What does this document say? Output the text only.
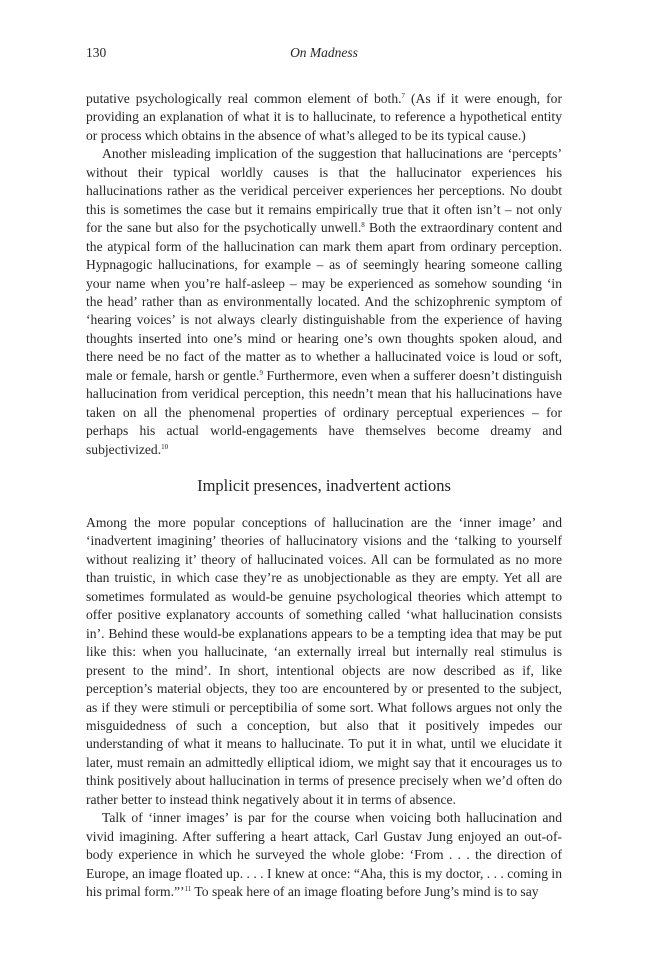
130	On Madness

putative psychologically real common element of both.$^7$ (As if it were enough, for providing an explanation of what it is to hallucinate, to reference a hypothetical entity or process which obtains in the absence of what’s alleged to be its typical cause.)

Another misleading implication of the suggestion that hallucinations are ‘percepts’ without their typical worldly causes is that the hallucinator experiences his hallucinations rather as the veridical perceiver experiences her perceptions. No doubt this is sometimes the case but it remains empirically true that it often isn’t – not only for the sane but also for the psychotically unwell.$^8$ Both the extraordinary content and the atypical form of the hallucination can mark them apart from ordinary perception. Hypnagogic hallucinations, for example – as of seemingly hearing someone calling your name when you’re half-asleep – may be experienced as somehow sounding ‘in the head’ rather than as environmentally located. And the schizophrenic symptom of ‘hearing voices’ is not always clearly distinguishable from the experience of having thoughts inserted into one’s mind or hearing one’s own thoughts spoken aloud, and there need be no fact of the matter as to whether a hallucinated voice is loud or soft, male or female, harsh or gentle.$^9$ Furthermore, even when a sufferer doesn’t distinguish hallucination from veridical perception, this needn’t mean that his hallucinations have taken on all the phenomenal properties of ordinary perceptual experiences – for perhaps his actual world-engagements have themselves become dreamy and subjectivized.$^{10}$

Implicit presences, inadvertent actions

Among the more popular conceptions of hallucination are the ‘inner image’ and ‘inadvertent imagining’ theories of hallucinatory visions and the ‘talking to yourself without realizing it’ theory of hallucinated voices. All can be formulated as no more than truistic, in which case they’re as unobjectionable as they are empty. Yet all are sometimes formulated as would-be genuine psychological theories which attempt to offer positive explanatory accounts of something called ‘what hallucination consists in’. Behind these would-be explanations appears to be a tempting idea that may be put like this: when you hallucinate, ‘an externally irreal but internally real stimulus is present to the mind’. In short, intentional objects are now described as if, like perception’s material objects, they too are encountered by or presented to the subject, as if they were stimuli or perceptibilia of some sort. What follows argues not only the misguidedness of such a conception, but also that it positively impedes our understanding of what it means to hallucinate. To put it in what, until we elucidate it later, must remain an admittedly elliptical idiom, we might say that it encourages us to think positively about hallucination in terms of presence precisely when we’d often do rather better to instead think negatively about it in terms of absence.

Talk of ‘inner images’ is par for the course when voicing both hallucination and vivid imagining. After suffering a heart attack, Carl Gustav Jung enjoyed an out-of-body experience in which he surveyed the whole globe: ‘From . . . the direction of Europe, an image floated up. . . . I knew at once: “Aha, this is my doctor, . . . coming in his primal form.”’$^{11}$ To speak here of an image floating before Jung’s mind is to say
